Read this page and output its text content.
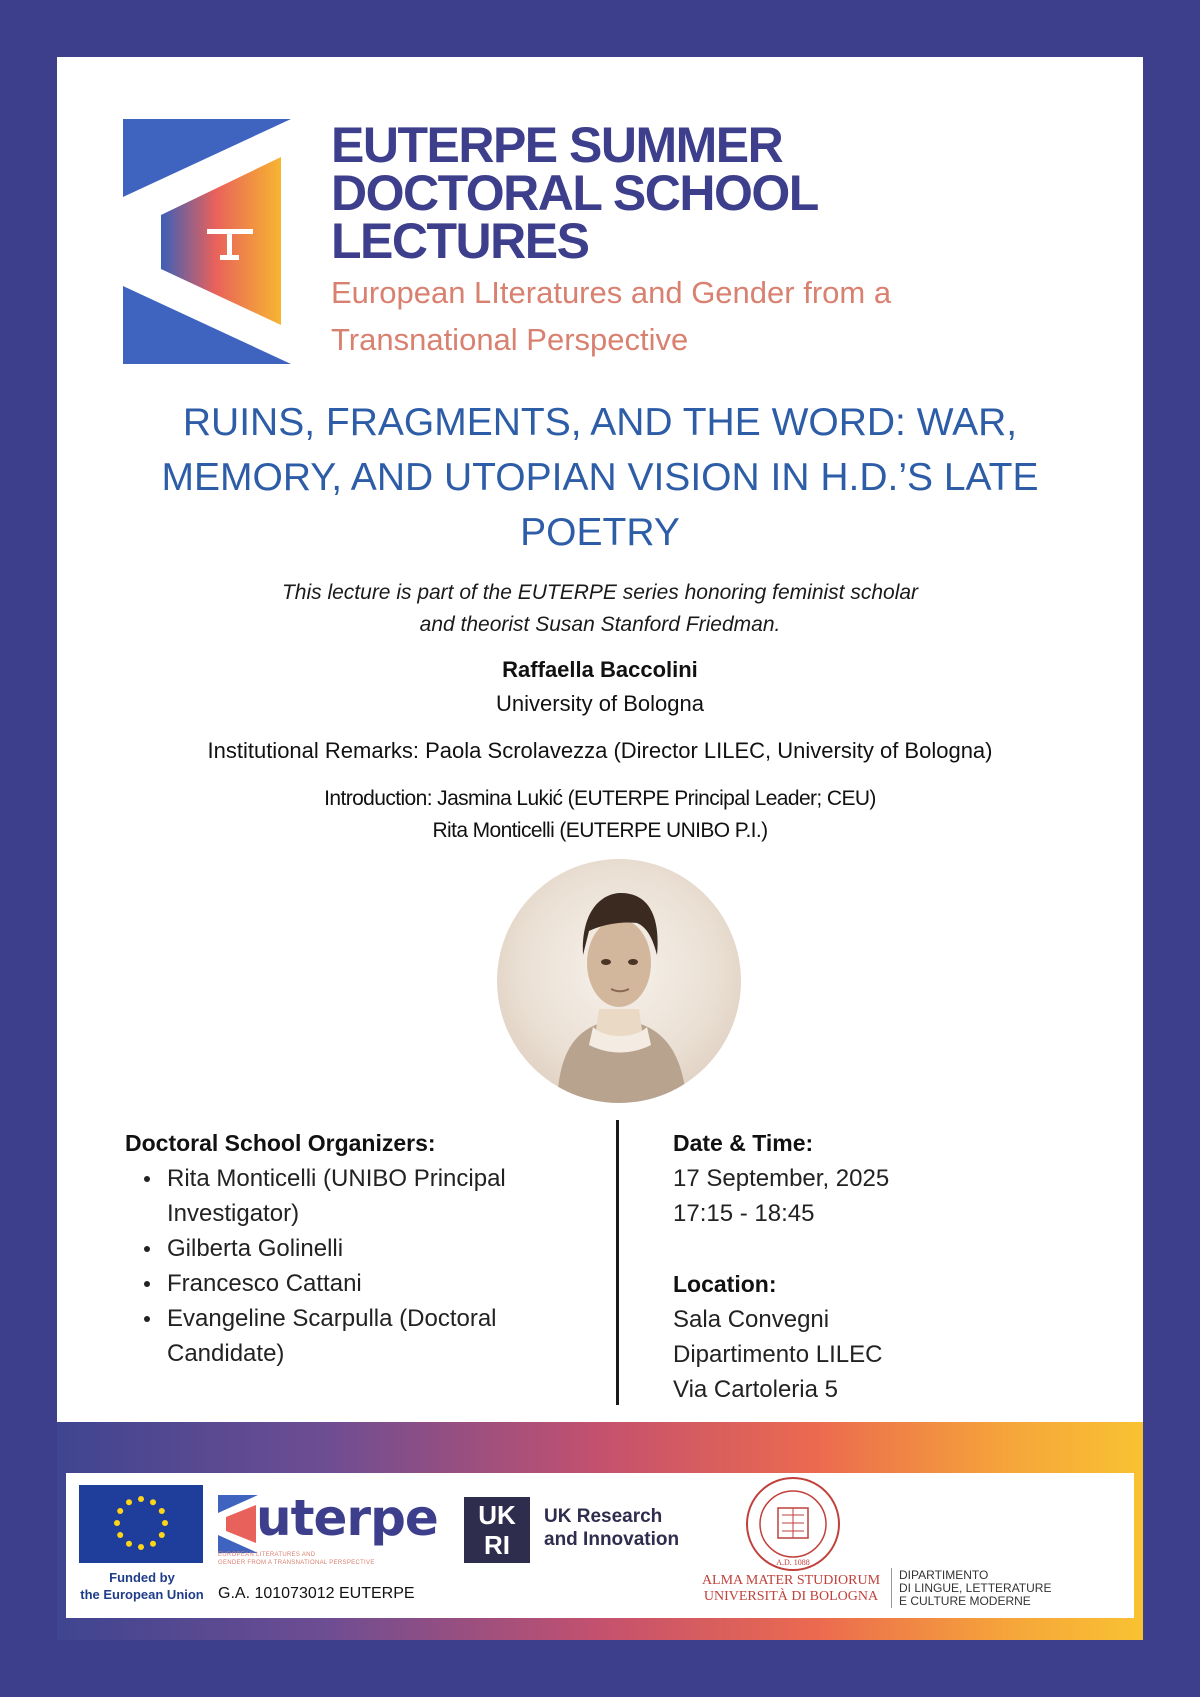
EUTERPE SUMMER
DOCTORAL SCHOOL
LECTURES
European LIteratures and Gender from a
Transnational Perspective
RUINS, FRAGMENTS, AND THE WORD: WAR,
MEMORY, AND UTOPIAN VISION IN H.D.’S LATE
POETRY
This lecture is part of the EUTERPE series honoring feminist scholar
and theorist Susan Stanford Friedman.
Raffaella Baccolini
University of Bologna
Institutional Remarks: Paola Scrolavezza (Director LILEC, University of Bologna)
Introduction: Jasmina Lukić (EUTERPE Principal Leader; CEU)
Rita Monticelli (EUTERPE UNIBO P.I.)
Doctoral School Organizers:
Rita Monticelli (UNIBO Principal Investigator)
Gilberta Golinelli
Francesco Cattani
Evangeline Scarpulla (Doctoral Candidate)
Date & Time:
17 September, 2025
17:15 - 18:45
Location:
Sala Convegni
Dipartimento LILEC
Via Cartoleria 5
Funded by
the European Union
uterpe
EUROPEAN LITERATURES AND
GENDER FROM A TRANSNATIONAL PERSPECTIVE
G.A. 101073012 EUTERPE
UK
RI
UK Research
and Innovation
A.D. 1088
ALMA MATER STUDIORUM
UNIVERSITÀ DI BOLOGNA
DIPARTIMENTO
DI LINGUE, LETTERATURE
E CULTURE MODERNE
